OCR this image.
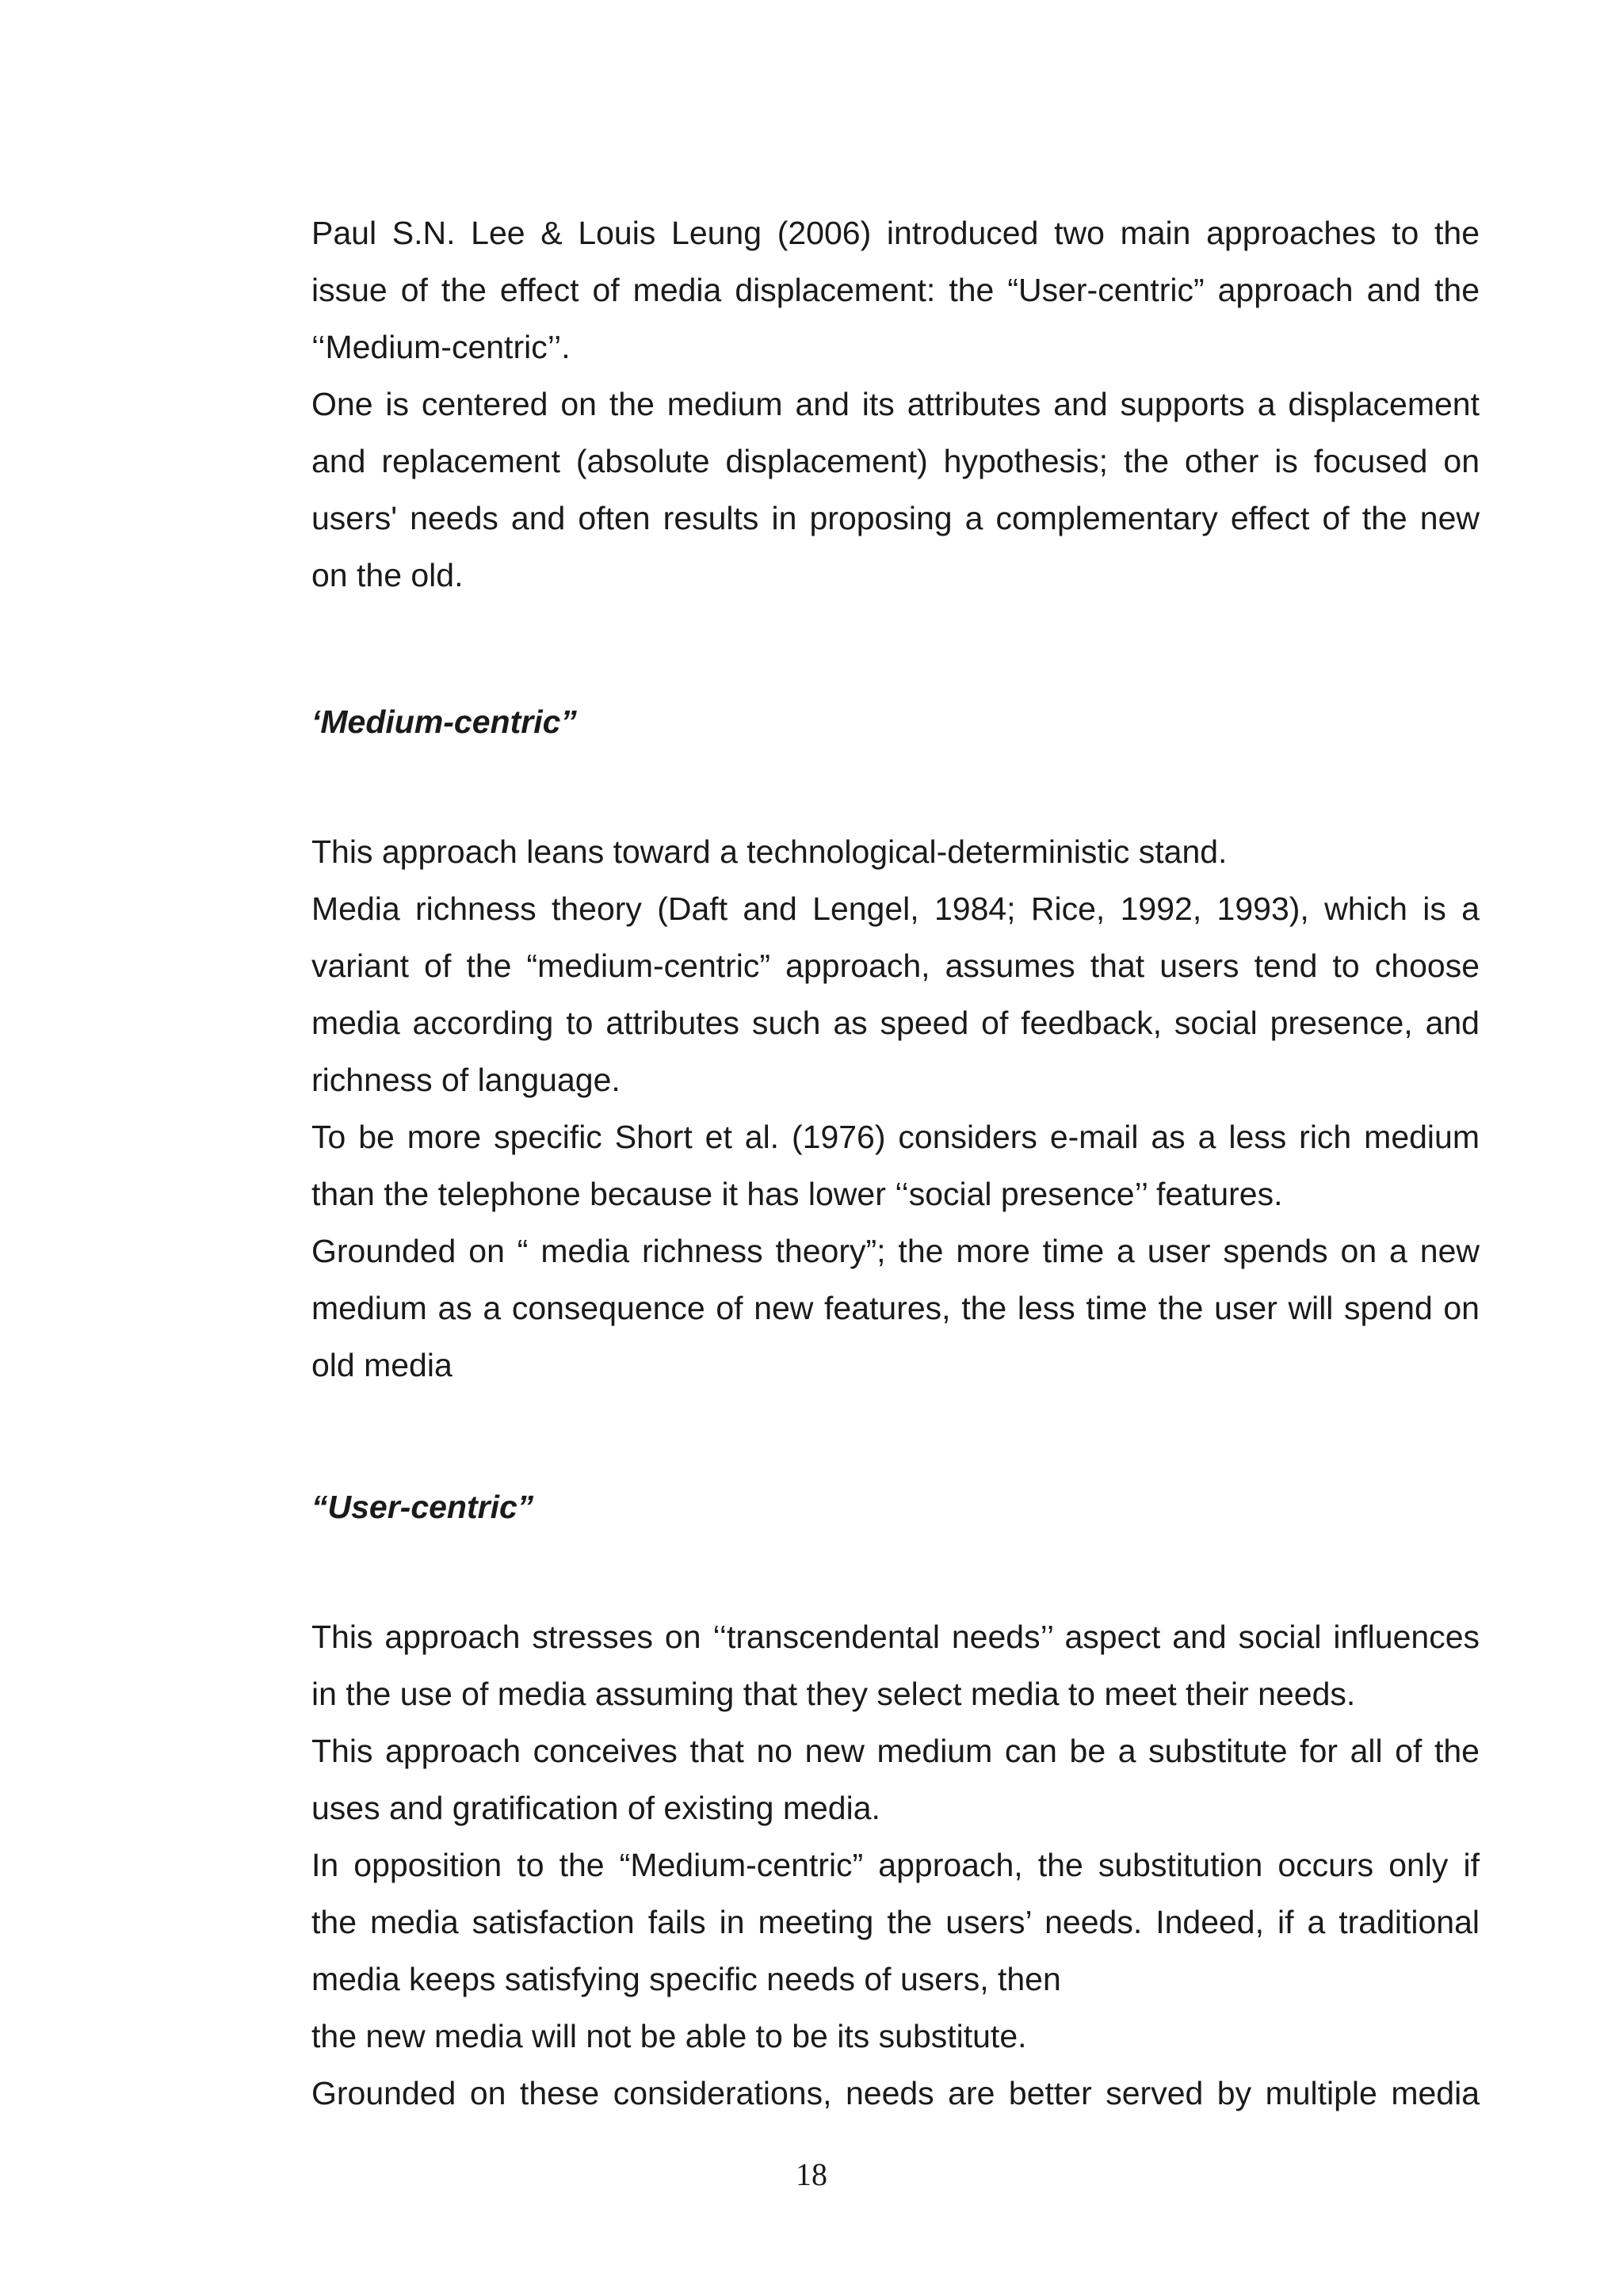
Paul S.N. Lee & Louis Leung (2006) introduced two main approaches to the
issue of the effect of media displacement: the “User-centric” approach and the
‘‘Medium-centric’’.
One is centered on the medium and its attributes and supports a displacement
and replacement (absolute displacement) hypothesis; the other is focused on
users' needs and often results in proposing a complementary effect of the new
on the old.
‘Medium-centric”
This approach leans toward a technological-deterministic stand.
Media richness theory (Daft and Lengel, 1984; Rice, 1992, 1993), which is a
variant of the “medium-centric” approach, assumes that users tend to choose
media according to attributes such as speed of feedback, social presence, and
richness of language.
To be more specific Short et al. (1976) considers e-mail as a less rich medium
than the telephone because it has lower ‘‘social presence’’ features.
Grounded on “ media richness theory”; the more time a user spends on a new
medium as a consequence of new features, the less time the user will spend on
old media
“User-centric”
This approach stresses on ‘‘transcendental needs’’ aspect and social influences
in the use of media assuming that they select media to meet their needs.
This approach conceives that no new medium can be a substitute for all of the
uses and gratification of existing media.
In opposition to the “Medium-centric” approach, the substitution occurs only if
the media satisfaction fails in meeting the users’ needs. Indeed, if a traditional
media keeps satisfying specific needs of users, then
the new media will not be able to be its substitute.
Grounded on these considerations, needs are better served by multiple media
18
